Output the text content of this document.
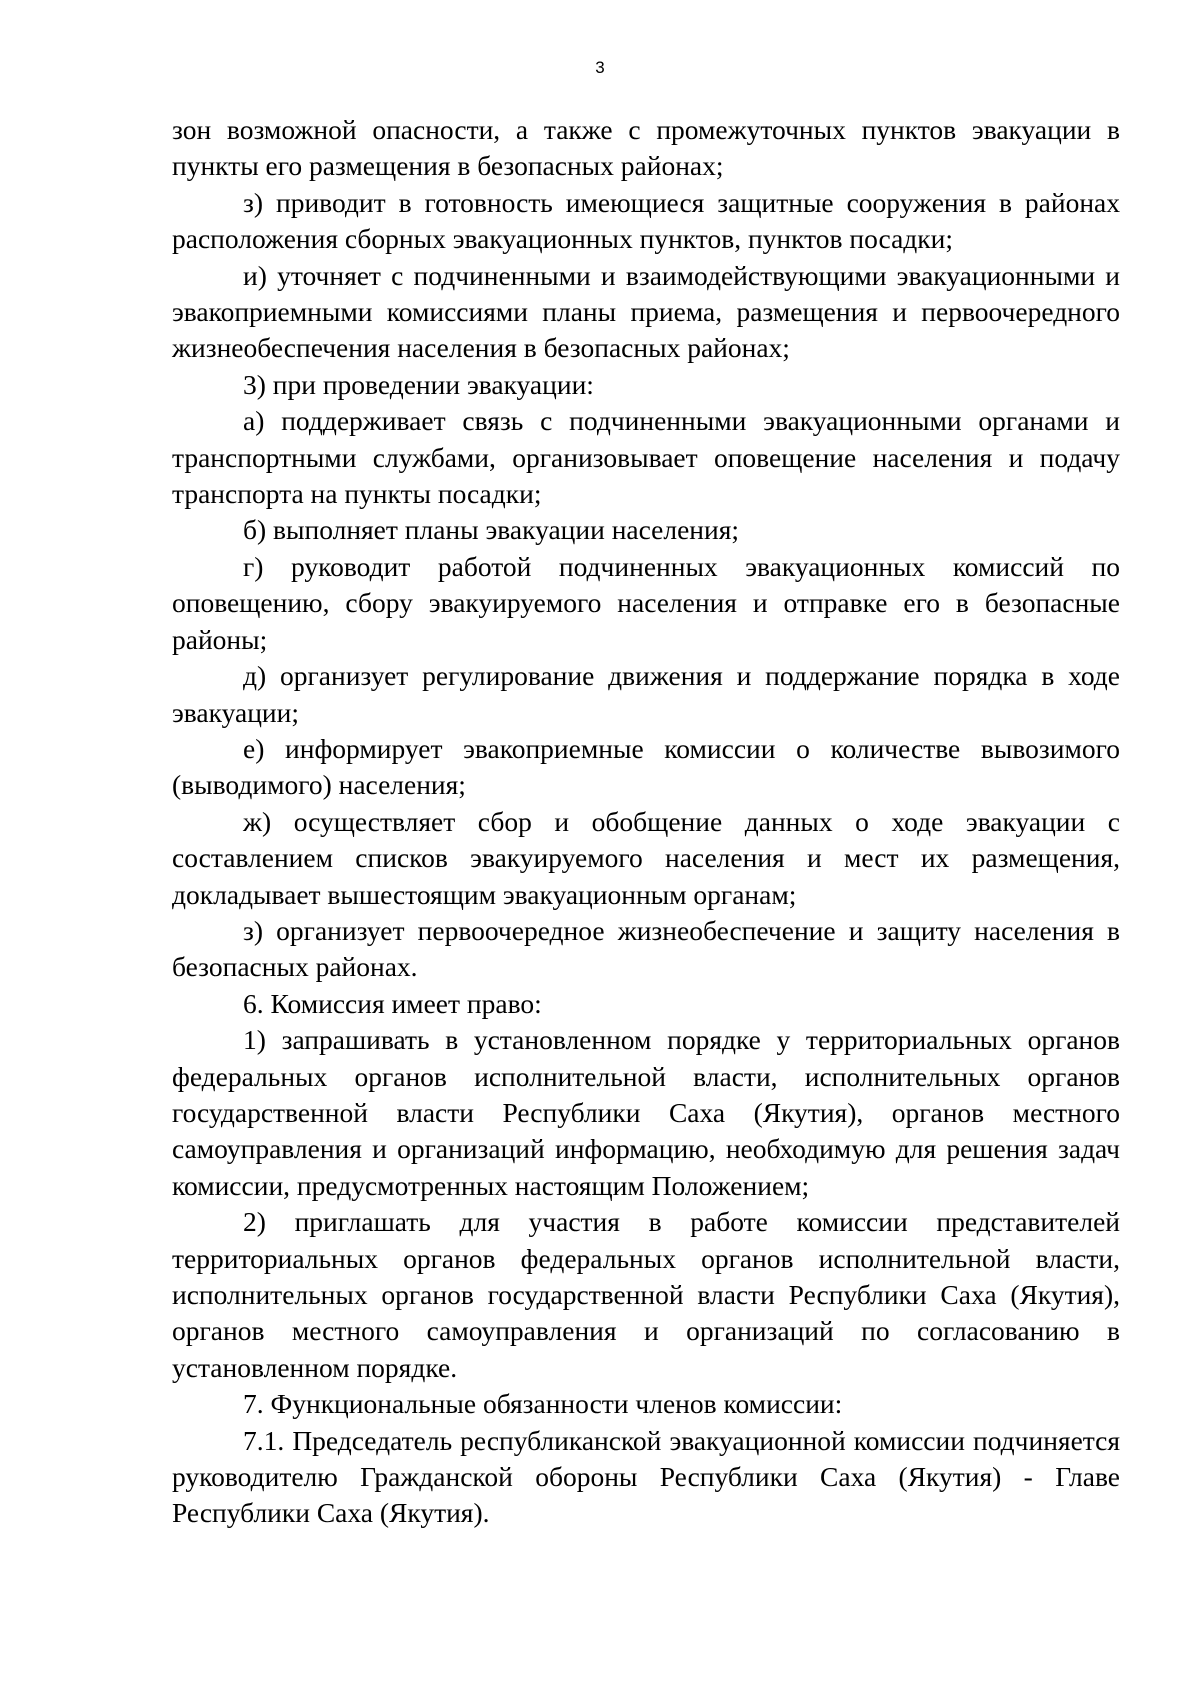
3

зон возможной опасности, а также с промежуточных пунктов эвакуации в пункты его размещения в безопасных районах;

з) приводит в готовность имеющиеся защитные сооружения в районах расположения сборных эвакуационных пунктов, пунктов посадки;

и) уточняет с подчиненными и взаимодействующими эвакуационными и эвакоприемными комиссиями планы приема, размещения и первоочередного жизнеобеспечения населения в безопасных районах;

3) при проведении эвакуации:

а) поддерживает связь с подчиненными эвакуационными органами и транспортными службами, организовывает оповещение населения и подачу транспорта на пункты посадки;

б) выполняет планы эвакуации населения;

г) руководит работой подчиненных эвакуационных комиссий по оповещению, сбору эвакуируемого населения и отправке его в безопасные районы;

д) организует регулирование движения и поддержание порядка в ходе эвакуации;

е) информирует эвакоприемные комиссии о количестве вывозимого (выводимого) населения;

ж) осуществляет сбор и обобщение данных о ходе эвакуации с составлением списков эвакуируемого населения и мест их размещения, докладывает вышестоящим эвакуационным органам;

з) организует первоочередное жизнеобеспечение и защиту населения в безопасных районах.

6. Комиссия имеет право:

1) запрашивать в установленном порядке у территориальных органов федеральных органов исполнительной власти, исполнительных органов государственной власти Республики Саха (Якутия), органов местного самоуправления и организаций информацию, необходимую для решения задач комиссии, предусмотренных настоящим Положением;

2) приглашать для участия в работе комиссии представителей территориальных органов федеральных органов исполнительной власти, исполнительных органов государственной власти Республики Саха (Якутия), органов местного самоуправления и организаций по согласованию в установленном порядке.

7. Функциональные обязанности членов комиссии:

7.1. Председатель республиканской эвакуационной комиссии подчиняется руководителю Гражданской обороны Республики Саха (Якутия) - Главе Республики Саха (Якутия).
